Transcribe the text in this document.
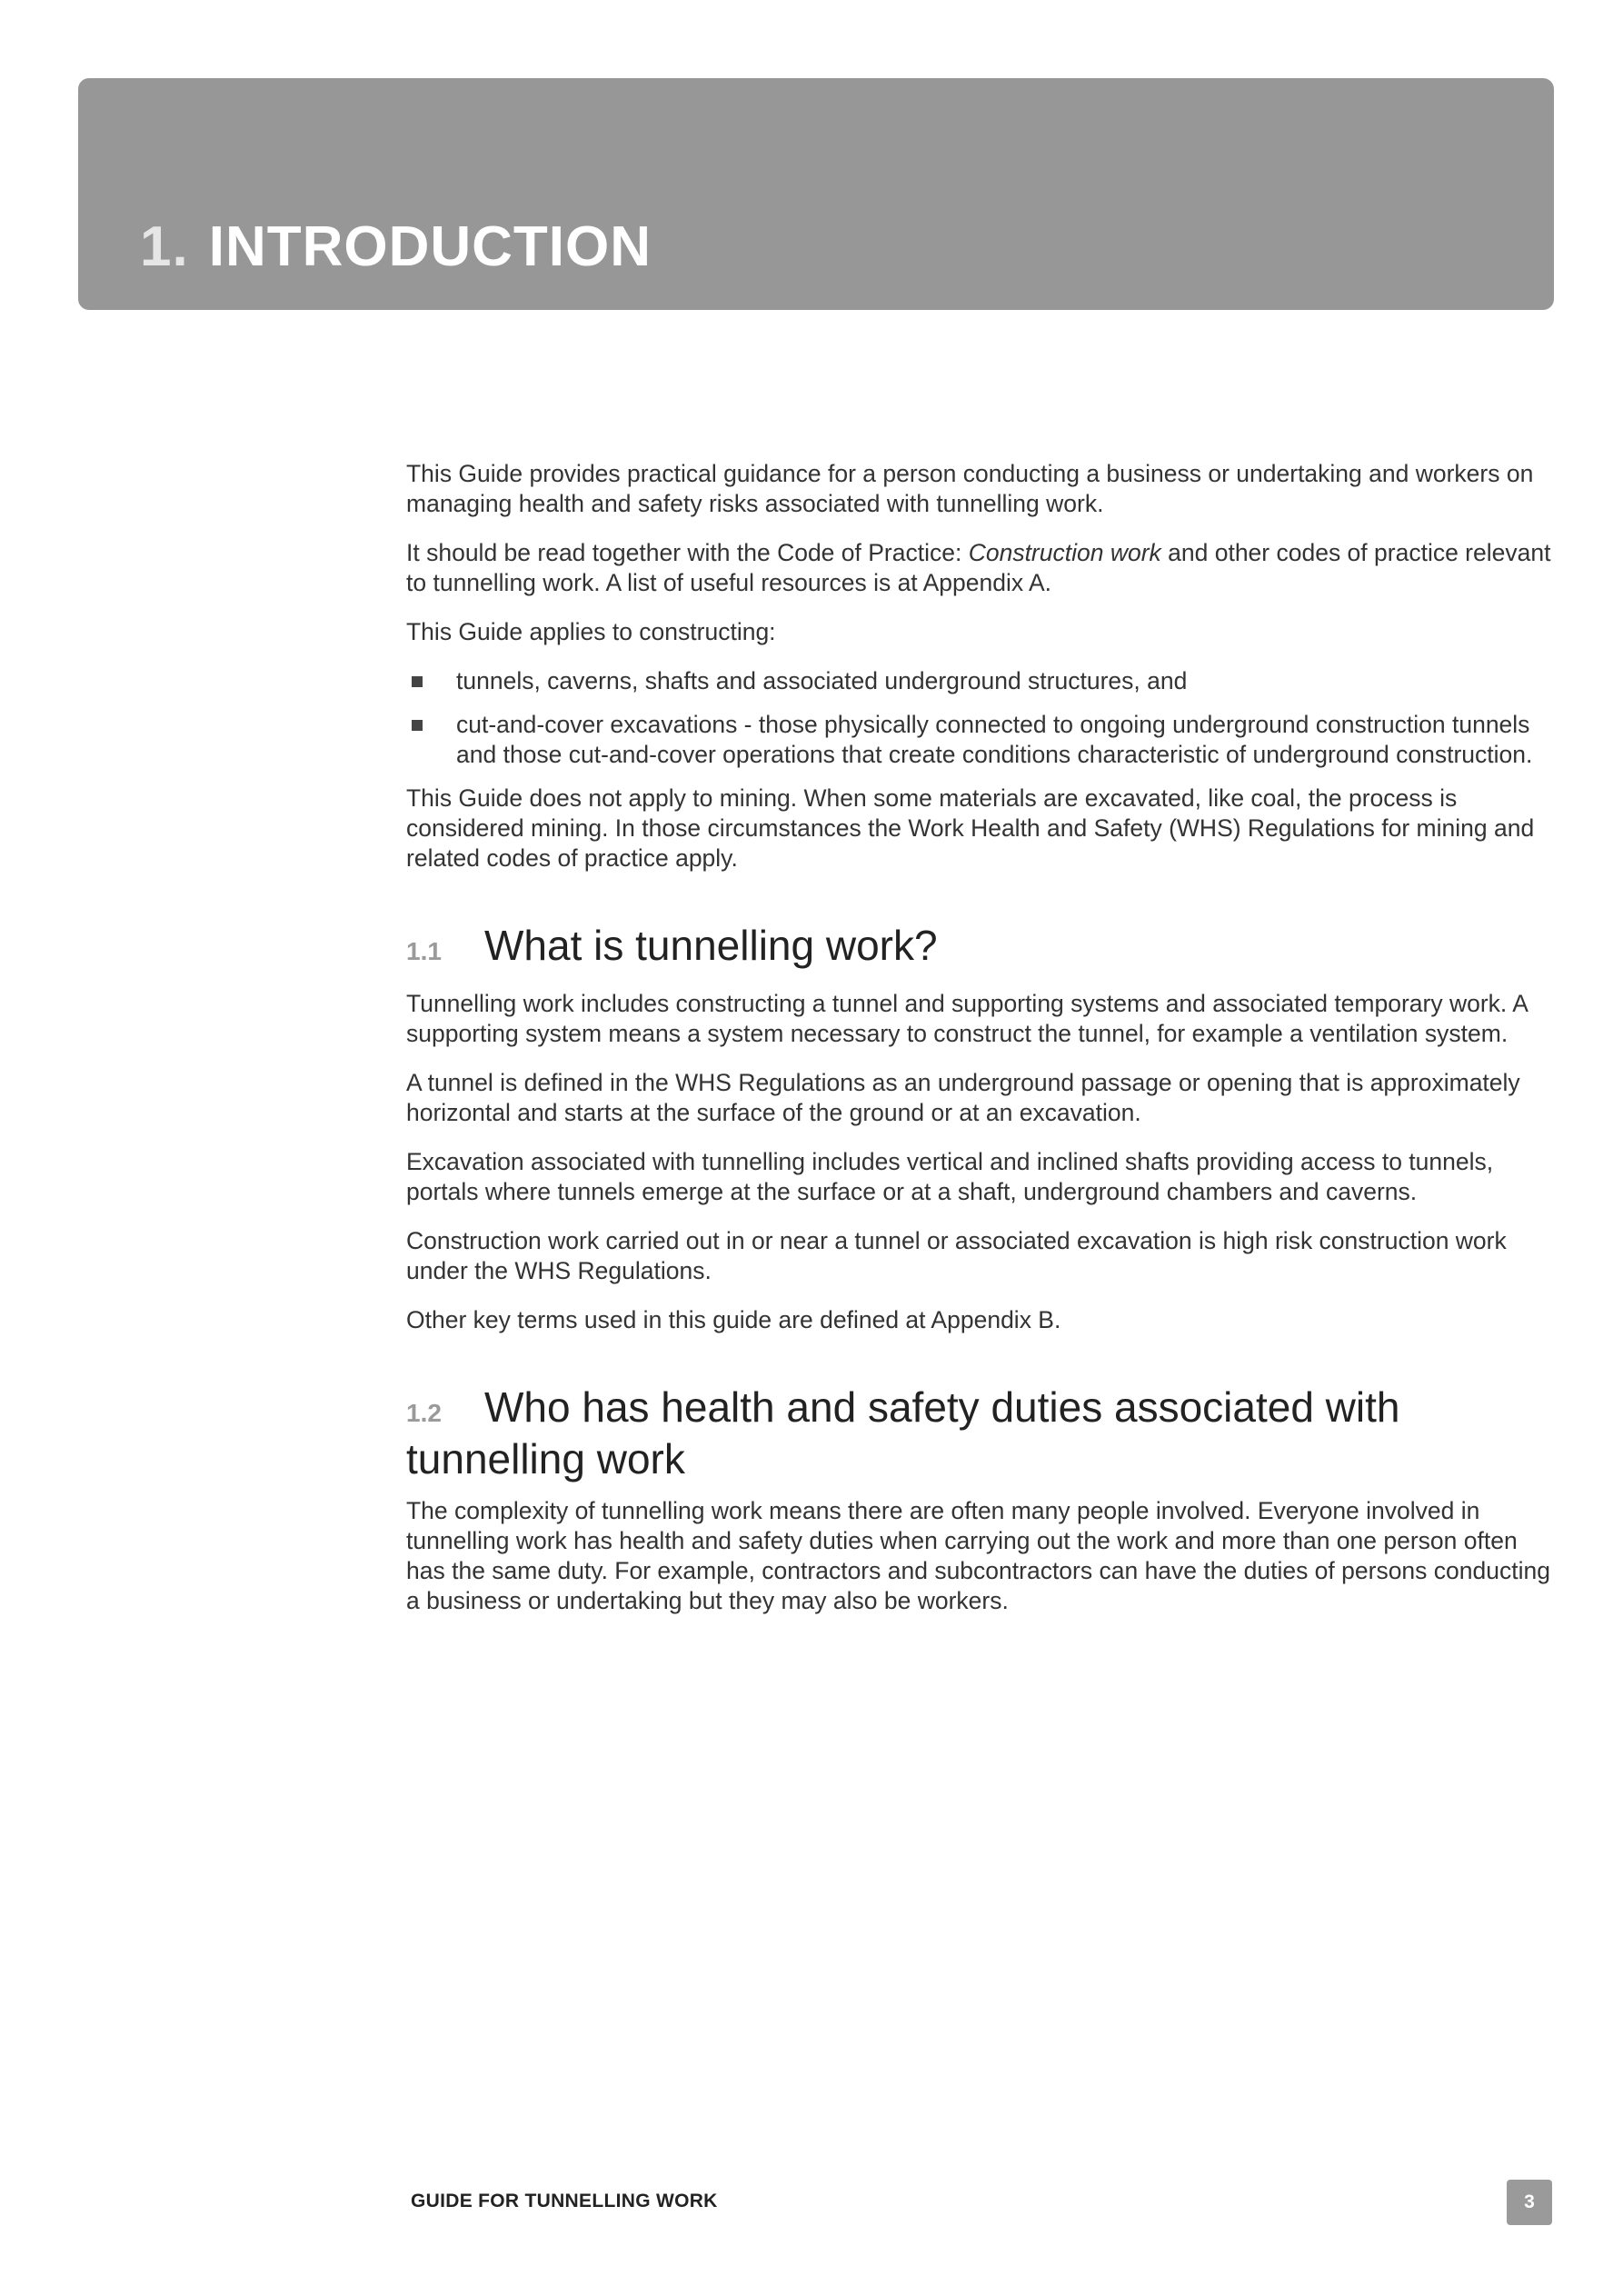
1. INTRODUCTION

This Guide provides practical guidance for a person conducting a business or undertaking and workers on managing health and safety risks associated with tunnelling work.

It should be read together with the Code of Practice: Construction work and other codes of practice relevant to tunnelling work. A list of useful resources is at Appendix A.

This Guide applies to constructing:

tunnels, caverns, shafts and associated underground structures, and
cut-and-cover excavations - those physically connected to ongoing underground construction tunnels and those cut-and-cover operations that create conditions characteristic of underground construction.

This Guide does not apply to mining. When some materials are excavated, like coal, the process is considered mining. In those circumstances the Work Health and Safety (WHS) Regulations for mining and related codes of practice apply.

1.1 What is tunnelling work?

Tunnelling work includes constructing a tunnel and supporting systems and associated temporary work. A supporting system means a system necessary to construct the tunnel, for example a ventilation system.

A tunnel is defined in the WHS Regulations as an underground passage or opening that is approximately horizontal and starts at the surface of the ground or at an excavation.

Excavation associated with tunnelling includes vertical and inclined shafts providing access to tunnels, portals where tunnels emerge at the surface or at a shaft, underground chambers and caverns.

Construction work carried out in or near a tunnel or associated excavation is high risk construction work under the WHS Regulations.

Other key terms used in this guide are defined at Appendix B.

1.2 Who has health and safety duties associated with tunnelling work

The complexity of tunnelling work means there are often many people involved. Everyone involved in tunnelling work has health and safety duties when carrying out the work and more than one person often has the same duty. For example, contractors and subcontractors can have the duties of persons conducting a business or undertaking but they may also be workers.

GUIDE FOR TUNNELLING WORK	3
